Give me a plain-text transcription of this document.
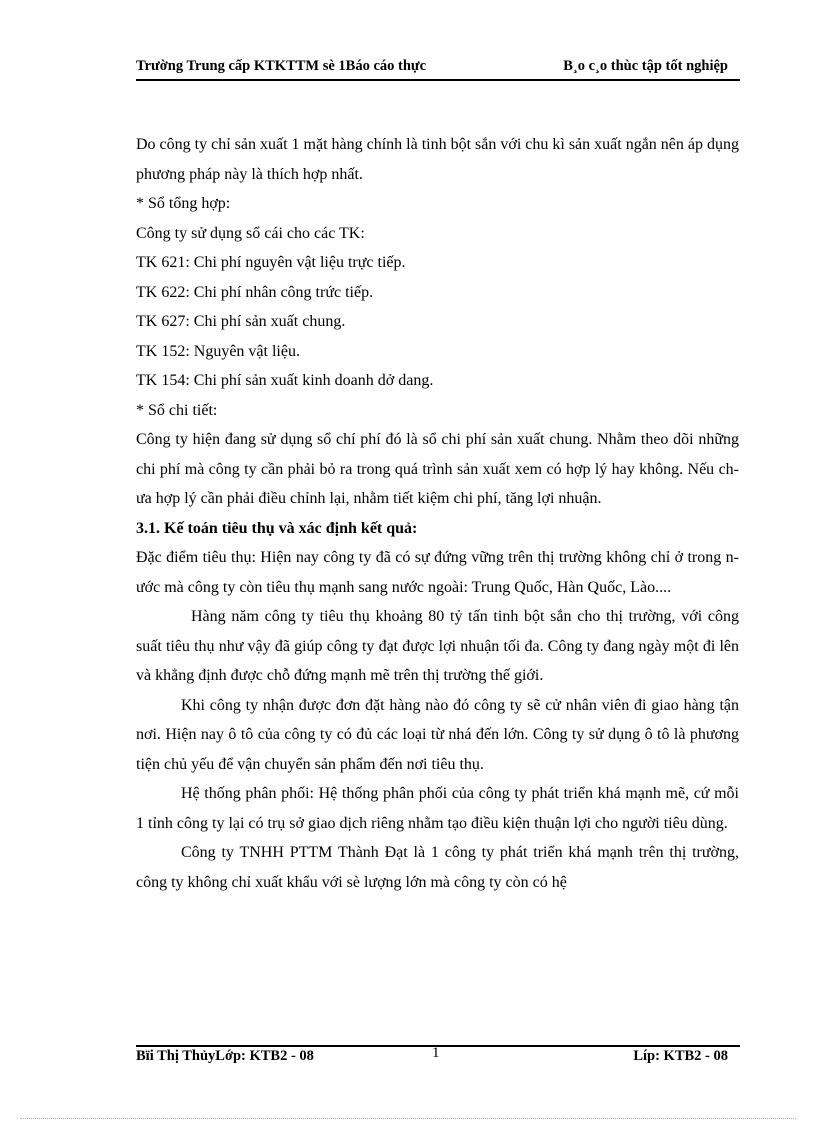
Trường Trung cấp KTKTTM sè 1Báo cáo thực	B¸o c¸o thùc tập tốt nghiệp

Do công ty chỉ sản xuất 1 mặt hàng chính là tinh bột sắn với chu kì sản xuất ngắn nên áp dụng phương pháp này là thích hợp nhất.

* Sổ tổng hợp:

Công ty sử dụng sổ cái cho các TK:

TK 621: Chi phí nguyên vật liệu trực tiếp.

TK 622: Chi phí nhân công trức tiếp.

TK 627: Chi phí sản xuất chung.

TK 152: Nguyên vật liệu.

TK 154: Chi phí sản xuất kinh doanh dở dang.

* Sổ chi tiết:

Công ty hiện đang sử dụng sổ chí phí đó là sổ chi phí sản xuất chung. Nhằm theo dõi những chi phí mà công ty cần phải bỏ ra trong quá trình sản xuất xem có hợp lý hay không. Nếu chưa hợp lý cần phải điều chỉnh lại, nhằm tiết kiệm chi phí, tăng lợi nhuận.

3.1. Kế toán tiêu thụ và xác định kết quả:

Đặc điểm tiêu thụ: Hiện nay công ty đã có sự đứng vững trên thị trường không chỉ ở trong nước mà công ty còn tiêu thụ mạnh sang nước ngoài: Trung Quốc, Hàn Quốc, Lào....

Hàng năm công ty tiêu thụ khoảng 80 tỷ tấn tinh bột sắn cho thị trường, với công suất tiêu thụ như vậy đã giúp công ty đạt được lợi nhuận tối đa. Công ty đang ngày một đi lên và khẳng định được chỗ đứng mạnh mẽ trên thị trường thế giới.

Khi công ty nhận được đơn đặt hàng nào đó công ty sẽ cử nhân viên đi giao hàng tận nơi. Hiện nay ô tô của công ty có đủ các loại từ nhá đến lớn. Công ty sử dụng ô tô là phương tiện chủ yếu để vận chuyển sản phẩm đến nơi tiêu thụ.

Hệ thống phân phối: Hệ thống phân phối của công ty phát triển khá mạnh mẽ, cứ mỗi 1 tỉnh công ty lại có trụ sở giao dịch riêng nhằm tạo điều kiện thuận lợi cho người tiêu dùng.

Công ty TNHH PTTM Thành Đạt là 1 công ty phát triển khá mạnh trên thị trường, công ty không chỉ xuất khẩu với sè lượng lớn mà công ty còn có hệ

Bïi Thị ThủyLớp: KTB2 - 08	1	Líp: KTB2 - 08
